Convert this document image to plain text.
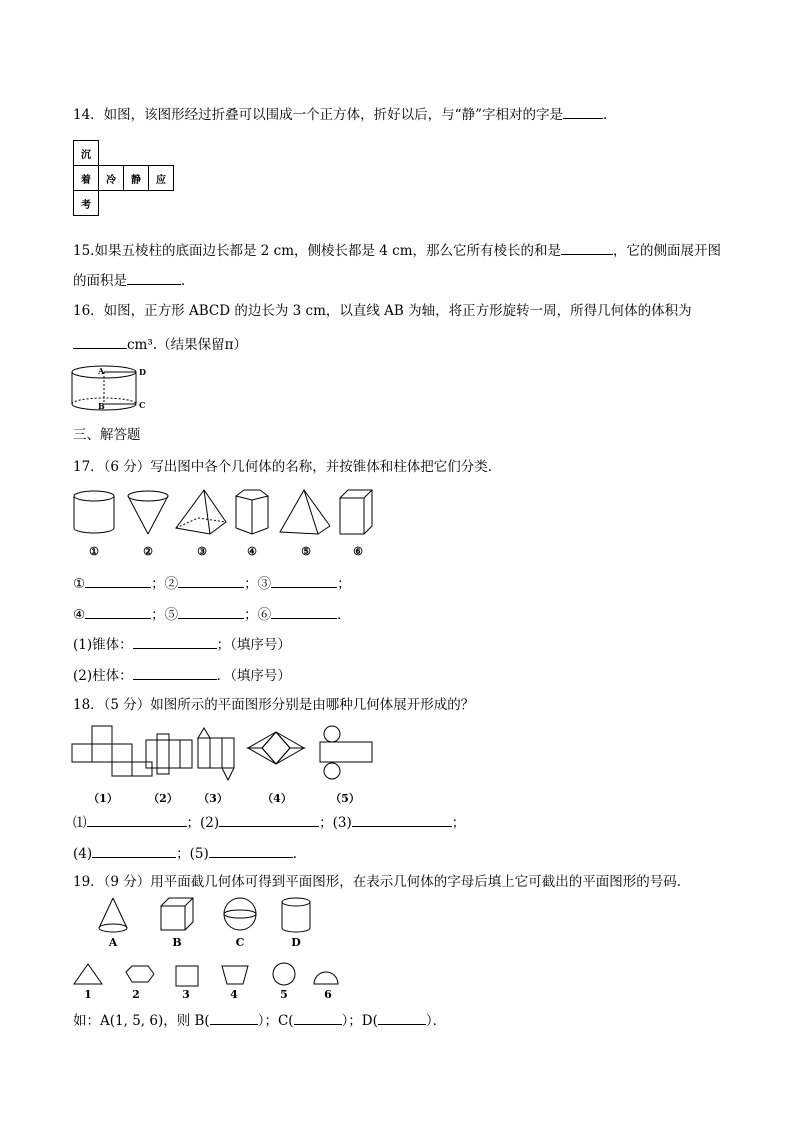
14．如图，该图形经过折叠可以围成一个正方体，折好以后，与“静”字相对的字是	．
沉			
着	冷	静	应
考			
15.如果五棱柱的底面边长都是 2 cm，侧棱长都是 4 cm，那么它所有棱长的和是	，它的侧面展开图
的面积是	．
16．如图，正方形 ABCD 的边长为 3 cm，以直线 AB 为轴，将正方形旋转一周，所得几何体的体积为
cm³.（结果保留π）
A
B
D
C
三、解答题
17．（6 分）写出图中各个几何体的名称，并按锥体和柱体把它们分类．
①	②	③	④	⑤	⑥
①	；②	；③	；
④	；⑤	；⑥	．
(1)锥体：	；（填序号）
(2)柱体：	．（填序号）
18．（5 分）如图所示的平面图形分别是由哪种几何体展开形成的？
（1）	（2） （3）	（4）	（5）
⑴	；(2)	；(3)	；
(4)	；(5)	．
19．（9 分）用平面截几何体可得到平面图形，在表示几何体的字母后填上它可截出的平面图形的号码．
A	B	C	D
1	2	3	4	5	6
如：A(1, 5, 6)，则 B(	）；C(	）；D(	）．
